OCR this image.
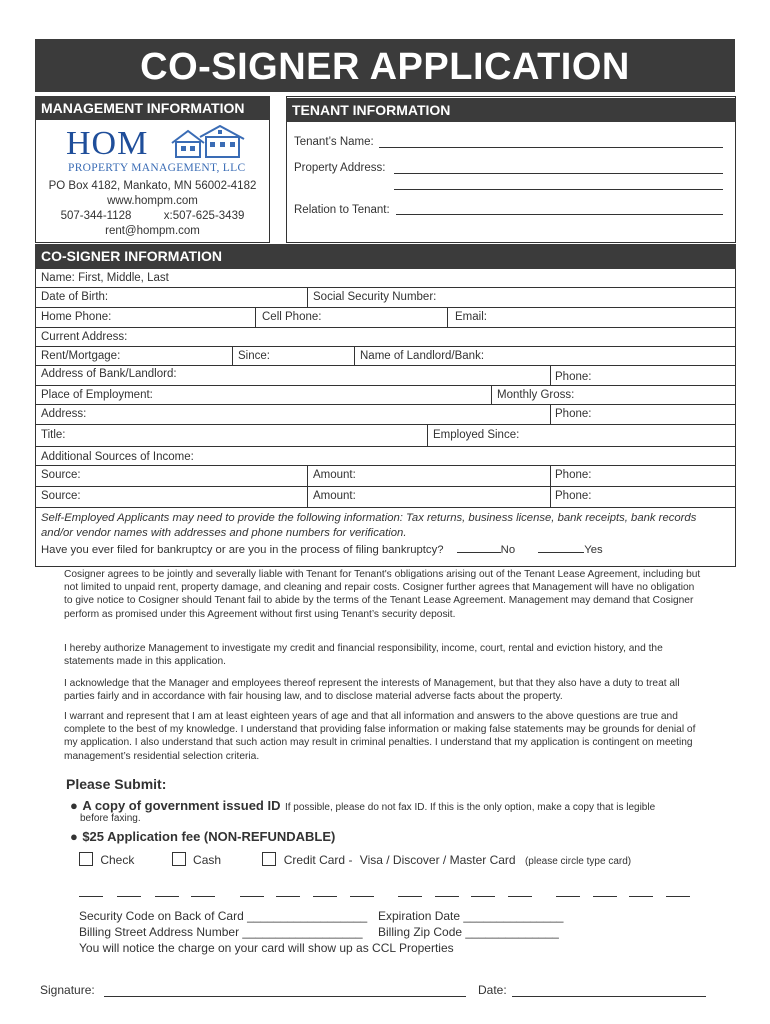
CO-SIGNER APPLICATION
MANAGEMENT INFORMATION
HOM
PROPERTY MANAGEMENT, LLC
PO Box 4182, Mankato, MN 56002-4182
www.hompm.com
507-344-1128	x:507-625-3439
rent@hompm.com
TENANT INFORMATION
Tenant’s Name:
Property Address:
Relation to Tenant:
CO-SIGNER INFORMATION
Name: First, Middle, Last
Date of Birth:	Social Security Number:
Home Phone:	Cell Phone:	Email:
Current Address:
Rent/Mortgage:	Since:	Name of Landlord/Bank:
Address of Bank/Landlord:	Phone:
Place of Employment:	Monthly Gross:
Address:	Phone:
Title:	Employed Since:
Additional Sources of Income:
Source:	Amount:	Phone:
Source:	Amount:	Phone:
Self-Employed Applicants may need to provide the following information: Tax returns, business license, bank receipts, bank records and/or vendor names with addresses and phone numbers for verification.
Have you ever filed for bankruptcy or are you in the process of filing bankruptcy?	No	Yes
Cosigner agrees to be jointly and severally liable with Tenant for Tenant's obligations arising out of the Tenant Lease Agreement, including but not limited to unpaid rent, property damage, and cleaning and repair costs. Cosigner further agrees that Management will have no obligation to give notice to Cosigner should Tenant fail to abide by the terms of the Tenant Lease Agreement. Management may demand that Cosigner perform as promised under this Agreement without first using Tenant’s security deposit.
I hereby authorize Management to investigate my credit and financial responsibility, income, court, rental and eviction history, and the statements made in this application.
I acknowledge that the Manager and employees thereof represent the interests of Management, but that they also have a duty to treat all parties fairly and in accordance with fair housing law, and to disclose material adverse facts about the property.
I warrant and represent that I am at least eighteen years of age and that all information and answers to the above questions are true and complete to the best of my knowledge. I understand that providing false information or making false statements may be grounds for denial of my application. I also understand that such action may result in criminal penalties. I understand that my application is contingent on meeting management’s residential selection criteria.
Please Submit:
● A copy of government issued ID If possible, please do not fax ID. If this is the only option, make a copy that is legible
before faxing.
● $25 Application fee (NON-REFUNDABLE)
Check	Cash	Credit Card - Visa / Discover / Master Card (please circle type card)
Security Code on Back of Card __________________ Expiration Date _______________
Billing Street Address Number __________________ Billing Zip Code ______________
You will notice the charge on your card will show up as CCL Properties
Signature:	Date:
